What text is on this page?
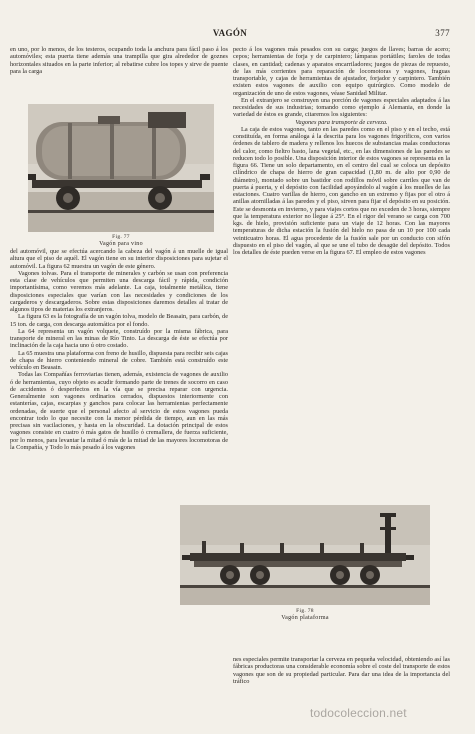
VAGÓN	377

en uno, por lo menos, de los testeros, ocupando toda la anchura para fácil paso á los automóviles; esta puerta tiene además una trampilla que gira alrededor de goznes horizontales situados en la parte inferior; al rebatirse cubre los topes y sirve de puente para la carga

Fig. 77
Vagón para vino

del automóvil, que se efectúa acercando la cabeza del vagón á un muelle de igual altura que el piso de aquél. El vagón tiene en su interior disposiciones para sujetar el automóvil. La figura 62 muestra un vagón de este género.

Vagones tolvas. Para el transporte de minerales y carbón se usan con preferencia esta clase de vehículos que permiten una descarga fácil y rápida, condición importantísima, como veremos más adelante. La caja, totalmente metálica, tiene disposiciones especiales que varían con las necesidades y condiciones de los cargaderos y descargaderos. Sobre estas disposiciones daremos detalles al tratar de algunos tipos de materias los extranjeros.

La figura 63 es la fotografía de un vagón tolva, modelo de Beasain, para carbón, de 15 ton. de carga, con descarga automática por el fondo.

La 64 representa un vagón volquete, construído por la misma fábrica, para transporte de mineral en las minas de Río Tinto. La descarga de éste se efectúa por inclinación de la caja hacia uno ú otro costado.

La 65 muestra una plataforma con freno de husillo, dispuesta para recibir seis cajas de chapa de hierro conteniendo mineral de cobre. También está construído este vehículo en Beasain.

Todas las Compañías ferroviarias tienen, además, existencia de vagones de auxilio ó de herramientas, cuyo objeto es acudir formando parte de trenes de socorro en caso de accidentes ó desperfectos en la vía que se precisa reparar con urgencia. Generalmente son vagones ordinarios cerrados, dispuestos interiormente con estanterías, cajas, escarpias y ganchos para colocar las herramientas perfectamente ordenadas, de suerte que el personal afecto al servicio de estos vagones pueda encontrar todo lo que necesite con la menor pérdida de tiempo, aun en las más precisas sin vacilaciones, y hasta en la obscuridad. La dotación principal de estos vagones consiste en cuatro ó más gatos de husillo ó cremallera, de fuerza suficiente, por lo menos, para levantar la mitad ó más de la mitad de las mayores locomotoras de la Compañía, y Todo lo más pesado á los vagones

pecto á los vagones más pesados con su carga; juegos de llaves; barras de acero; cepos; herramientas de forja y de carpintero; lámparas portátiles; faroles de todas clases, en cantidad; cadenas y aparatos encarriladores; juegos de piezas de repuesto, de las más corrientes para reparación de locomotoras y vagones, fraguas transportable, y cajas de herramientas de ajustador, forjador y carpintero. También existen estos vagones de auxilio con equipo quirúrgico. Como modelo de organización de uno de estos vagones, véase Sanidad Militar.

En el extranjero se construyen una porción de vagones especiales adaptados á las necesidades de sus industrias; tomando como ejemplo á Alemania, en donde la variedad de éstos es grande, citaremos los siguientes:

Vagones para transporte de cerveza.

La caja de estos vagones, tanto en las paredes como en el piso y en el techo, está constituída, en forma análoga á la descrita para los vagones frigoríficos, con varios órdenes de tablero de madera y rellenos los huecos de substancias malas conductoras del calor, como fieltro basto, lana vegetal, etc., en las dimensiones de las paredes se reducen todo lo posible. Una disposición interior de estos vagones se representa en la figura 66. Tiene un solo departamento, en el centro del cual se coloca un depósito cilíndrico de chapa de hierro de gran capacidad (1,80 m. de alto por 0,90 de diámetro), montado sobre un bastidor con rodillos móvil sobre carriles que van de puerta á puerta, y el depósito con facilidad apoyándolo al vagón á los muelles de las estaciones. Cuatro varillas de hierro, con gancho en un extremo y fijas por el otro á anillas atornilladas á las paredes y el piso, sirven para fijar el depósito en su posición. Este se desmonta en invierno, y para viajes cortos que no exceden de 3 horas, siempre que la temperatura exterior no llegue á 25°. En el rigor del verano se carga con 700 kgs. de hielo, provisión suficiente para un viaje de 12 horas. Con las mayores temperaturas de dicha estación la fusión del hielo no pasa de un 10 por 100 cada veinticuatro horas. El agua procedente de la fusión sale por un conducto con sifón dispuesto en el piso del vagón, al que se une el tubo de desagüe del depósito. Todos los detalles de éste pueden verse en la figura 67. El empleo de estos vagones

Fig. 78
Vagón plataforma

nes especiales permite transportar la cerveza en pequeña velocidad, obteniendo así las fábricas productoras una considerable economía sobre el coste del transporte de estos vagones que son de su propiedad particular. Para dar una idea de la importancia del tráfico

todocoleccion.net
